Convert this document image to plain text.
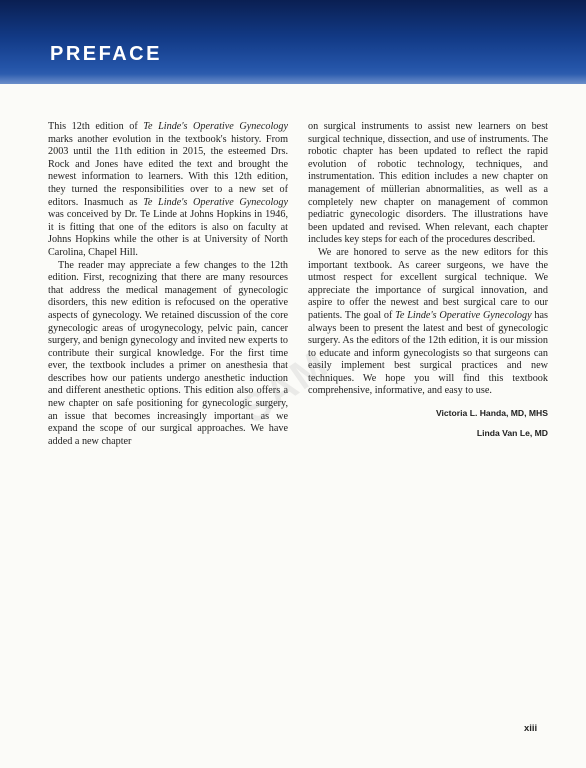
PREFACE

This 12th edition of Te Linde's Operative Gynecology marks another evolution in the textbook's history. From 2003 until the 11th edition in 2015, the esteemed Drs. Rock and Jones have edited the text and brought the newest information to learners. With this 12th edition, they turned the responsibilities over to a new set of editors. Inasmuch as Te Linde's Operative Gynecology was conceived by Dr. Te Linde at Johns Hopkins in 1946, it is fitting that one of the editors is also on faculty at Johns Hopkins while the other is at University of North Carolina, Chapel Hill.

The reader may appreciate a few changes to the 12th edition. First, recognizing that there are many resources that address the medical management of gynecologic disorders, this new edition is refocused on the operative aspects of gynecology. We retained discussion of the core gynecologic areas of urogynecology, pelvic pain, cancer surgery, and benign gynecology and invited new experts to contribute their surgical knowledge. For the first time ever, the textbook includes a primer on anesthesia that describes how our patients undergo anesthetic induction and different anesthetic options. This edition also offers a new chapter on safe positioning for gynecologic surgery, an issue that becomes increasingly important as we expand the scope of our surgical approaches. We have added a new chapter

on surgical instruments to assist new learners on best surgical technique, dissection, and use of instruments. The robotic chapter has been updated to reflect the rapid evolution of robotic technology, techniques, and instrumentation. This edition includes a new chapter on management of müllerian abnormalities, as well as a completely new chapter on management of common pediatric gynecologic disorders. The illustrations have been updated and revised. When relevant, each chapter includes key steps for each of the procedures described.

We are honored to serve as the new editors for this important textbook. As career surgeons, we have the utmost respect for excellent surgical technique. We appreciate the importance of surgical innovation, and aspire to offer the newest and best surgical care to our patients. The goal of Te Linde's Operative Gynecology has always been to present the latest and best of gynecologic surgery. As the editors of the 12th edition, it is our mission to educate and inform gynecologists so that surgeons can easily implement best surgical practices and new techniques. We hope you will find this textbook comprehensive, informative, and easy to use.

Victoria L. Handa, MD, MHS
Linda Van Le, MD
SAM
xiii
